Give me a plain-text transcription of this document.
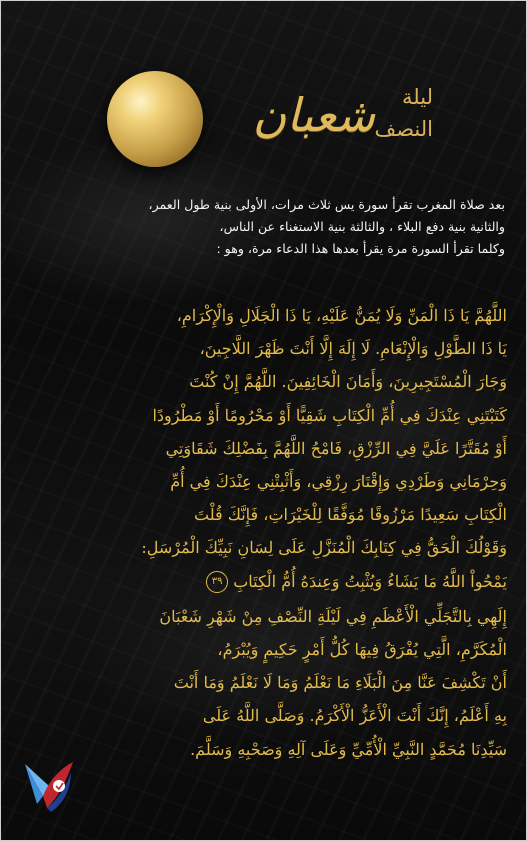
ليلة
شعبان النصف
بعد صلاة المغرب تقرأ سورة يس ثلاث مرات، الأولى بنية طول العمر،
والثانية بنية دفع البلاء ، والثالثة بنية الاستغناء عن الناس،
وكلما تقرأ السورة مرة يقرأ بعدها هذا الدعاء مرة، وهو :
اللَّهُمَّ يَا ذَا الْمَنِّ وَلَا يُمَنُّ عَلَيْهِ، يَا ذَا الْجَلَالِ وَالْإِكْرَامِ،
يَا ذَا الطَّوْلِ وَالْإِنْعَامِ. لَا إِلَهَ إِلَّا أَنْتَ ظَهْرَ اللَّاجِينَ،
وَجَارَ الْمُسْتَجِيرِينَ، وَأَمَانَ الْخَائِفِينَ. اللَّهُمَّ إِنْ كُنْتَ
كَتَبْتَنِي عِنْدَكَ فِي أُمِّ الْكِتَابِ شَقِيًّا أَوْ مَحْرُومًا أَوْ مَطْرُودًا
أَوْ مُقَتَّرًا عَلَيَّ فِي الرِّزْقِ، فَامْحُ اللَّهُمَّ بِفَضْلِكَ شَقَاوَتِي
وَحِرْمَانِي وَطَرْدِي وَإِقْتَارَ رِزْقِي، وَأَثْبِتْنِي عِنْدَكَ فِي أُمِّ
الْكِتَابِ سَعِيدًا مَرْزُوقًا مُوَفَّقًا لِلْخَيْرَاتِ، فَإِنَّكَ قُلْتَ
وَقَوْلُكَ الْحَقُّ فِي كِتَابِكَ الْمُنَزَّلِ عَلَى لِسَانِ نَبِيِّكَ الْمُرْسَلِ:
يَمْحُواْ اللَّهُ مَا يَشَاءُ وَيُثْبِتُ وَعِندَهُ أُمُّ الْكِتَابِ ٣٩
إِلَهِي بِالتَّجَلِّي الْأَعْظَمِ فِي لَيْلَةِ النِّصْفِ مِنْ شَهْرِ شَعْبَانَ
الْمُكَرَّمِ، الَّتِي يُفْرَقُ فِيهَا كُلُّ أَمْرٍ حَكِيمٍ وَيُبْرَمُ،
أَنْ تَكْشِفَ عَنَّا مِنَ الْبَلَاءِ مَا نَعْلَمُ وَمَا لَا نَعْلَمُ وَمَا أَنْتَ
بِهِ أَعْلَمُ، إِنَّكَ أَنْتَ الْأَعَزُّ الْأَكْرَمُ. وَصَلَّى اللَّهُ عَلَى
سَيِّدِنَا مُحَمَّدٍ النَّبِيِّ الْأُمِّيِّ وَعَلَى آلِهِ وَصَحْبِهِ وَسَلَّمَ.
